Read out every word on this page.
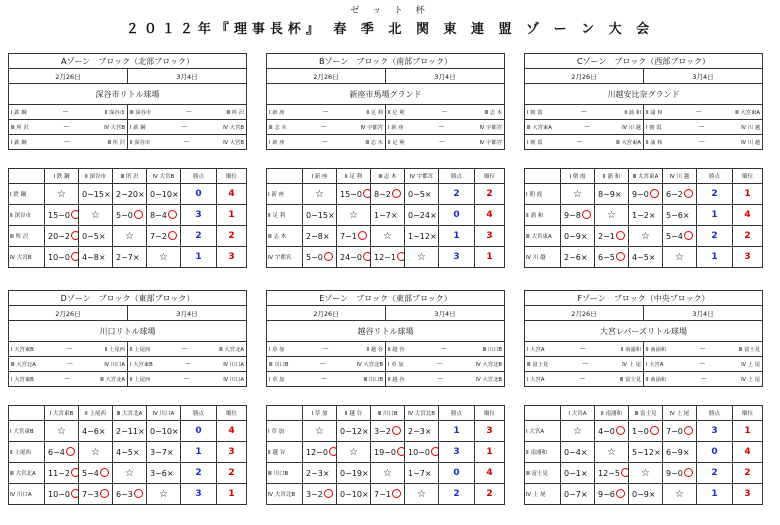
ゼ ッ ト 杯
２０１２年『理事長杯』 春 季 北 関 東 連 盟 ゾ ー ン 大 会
Aゾーン　ブロック（北部ブロック）	
2月26日	3月4日
深谷市リトル球場	

Ⅰ 鉄 鋼 ― Ⅱ 深谷市	Ⅲ 深谷市 ― Ⅲ 所 沢

Ⅲ 所 沢 ― Ⅳ 大宮B	Ⅰ 鉄 鋼 ― Ⅳ 大宮B

Ⅰ 鉄 鋼 ― Ⅲ 所 沢	Ⅱ 深谷市 ― Ⅳ 大宮B
	Ⅰ 鉄 鋼	Ⅱ 深谷市	Ⅲ 所 沢	Ⅳ 大宮B	勝点	順位
Ⅰ 鉄 鋼	☆	0−15×	2−20×	0−10×	0	4
Ⅱ 深谷市	15−0	☆	5−0	8−4	3	1
Ⅲ 所 沢	20−2	0−5×	☆	7−2	2	2
Ⅳ 大宮B	10−0	4−8×	2−7×	☆	1	3
Bゾーン　ブロック（南部ブロック）	
2月26日	3月4日
新座市馬場グランド	

Ⅰ 新 座 ― Ⅱ 足 利	Ⅱ 足 利 ― Ⅲ 志 木

Ⅲ 志 木 ― Ⅳ 宇都宮	Ⅰ 新 座 ― Ⅳ 宇都宮

Ⅰ 新 座 ― Ⅲ 志 木	Ⅱ 足 利 ― Ⅳ 宇都宮
	Ⅰ 新 座	Ⅱ 足 利	Ⅲ 志 木	Ⅳ 宇都宮	勝点	順位
Ⅰ 新 座	☆	15−0	8−2	0−5×	2	2
Ⅱ 足 利	0−15×	☆	1−7×	0−24×	0	4
Ⅲ 志 木	2−8×	7−1	☆	1−12×	1	3
Ⅳ 宇都宮	5−0	24−0	12−1	☆	3	1
Cゾーン　ブロック（西部ブロック）	
2月26日	3月4日
川越安比奈グランド	

Ⅰ 朝 霞 ― Ⅱ 浦 和	Ⅱ 浦 和 ― Ⅲ 大宮東A

Ⅲ 大宮東A ― Ⅳ 川 越	Ⅰ 朝 霞 ― Ⅳ 川 越

Ⅰ 朝 霞 ― Ⅲ 大宮東A	Ⅱ 浦 和 ― Ⅳ 川 越
	Ⅰ 朝 霞	Ⅱ 浦 和	Ⅲ 大宮東A	Ⅳ 川 越	勝点	順位
Ⅰ 朝 霞	☆	8−9×	9−0	6−2	2	1
Ⅱ 浦 和	9−8	☆	1−2×	5−6×	1	4
Ⅲ 大宮東A	0−9×	2−1	☆	5−4	2	2
Ⅳ 川 越	2−6×	6−5	4−5×	☆	1	3
Dゾーン　ブロック（東部ブロック）	
2月26日	3月4日
川口リトル球場	

Ⅰ 大宮東B ― Ⅱ 上尾西	Ⅱ 上尾西 ― Ⅲ 大宮北A

Ⅲ 大宮北A ― Ⅳ 川口A	Ⅰ 大宮東B ― Ⅳ 川口A

Ⅰ 大宮東B ― Ⅲ 大宮北A	Ⅱ 上尾西 ― Ⅳ 川口A
	Ⅰ 大宮東B	Ⅱ 上尾西	Ⅲ 大宮北A	Ⅳ 川口A	勝点	順位
Ⅰ 大宮東B	☆	4−6×	2−11×	0−10×	0	4
Ⅱ 上尾西	6−4	☆	4−5×	3−7×	1	3
Ⅲ 大宮北A	11−2	5−4	☆	3−6×	2	2
Ⅳ 川口A	10−0	7−3	6−3	☆	3	1
Eゾーン　ブロック（東部ブロック）	
2月26日	3月4日
越谷リトル球場	

Ⅰ 草 加 ― Ⅱ 越 谷	Ⅱ 越 谷 ― Ⅲ 川口B

Ⅲ 川口B ― Ⅳ 大宮北B	Ⅰ 草 加 ― Ⅳ 大宮北B

Ⅰ 草 加 ― Ⅲ 川口B	Ⅱ 越 谷 ― Ⅳ 大宮北B
	Ⅰ 草 加	Ⅱ 越 谷	Ⅲ 川口B	Ⅳ 大宮北B	勝点	順位
Ⅰ 草 加	☆	0−12×	3−2	2−3×	1	3
Ⅱ 越 谷	12−0	☆	19−0	10−0	3	1
Ⅲ 川口B	2−3×	0−19×	☆	1−7×	0	4
Ⅳ 大宮北B	3−2	0−10×	7−1	☆	2	2
Fゾーン　ブロック（中央ブロック）	
2月26日	3月4日
大宮レパーズリトル球場	

Ⅰ 大宮A ― Ⅱ 南浦和	Ⅱ 南浦和 ― Ⅲ 富士見

Ⅲ 富士見 ― Ⅳ 上 尾	Ⅰ 大宮A ― Ⅳ 上 尾

Ⅰ 大宮A ― Ⅲ 富士見	Ⅱ 南浦和 ― Ⅳ 上 尾
	Ⅰ 大宮A	Ⅱ 南浦和	Ⅲ 富士見	Ⅳ 上 尾	勝点	順位
Ⅰ 大宮A	☆	4−0	1−0	7−0	3	1
Ⅱ 南浦和	0−4×	☆	5−12×	6−9×	0	4
Ⅲ 富士見	0−1×	12−5	☆	9−0	2	2
Ⅳ 上 尾	0−7×	9−6	0−9×	☆	1	3
